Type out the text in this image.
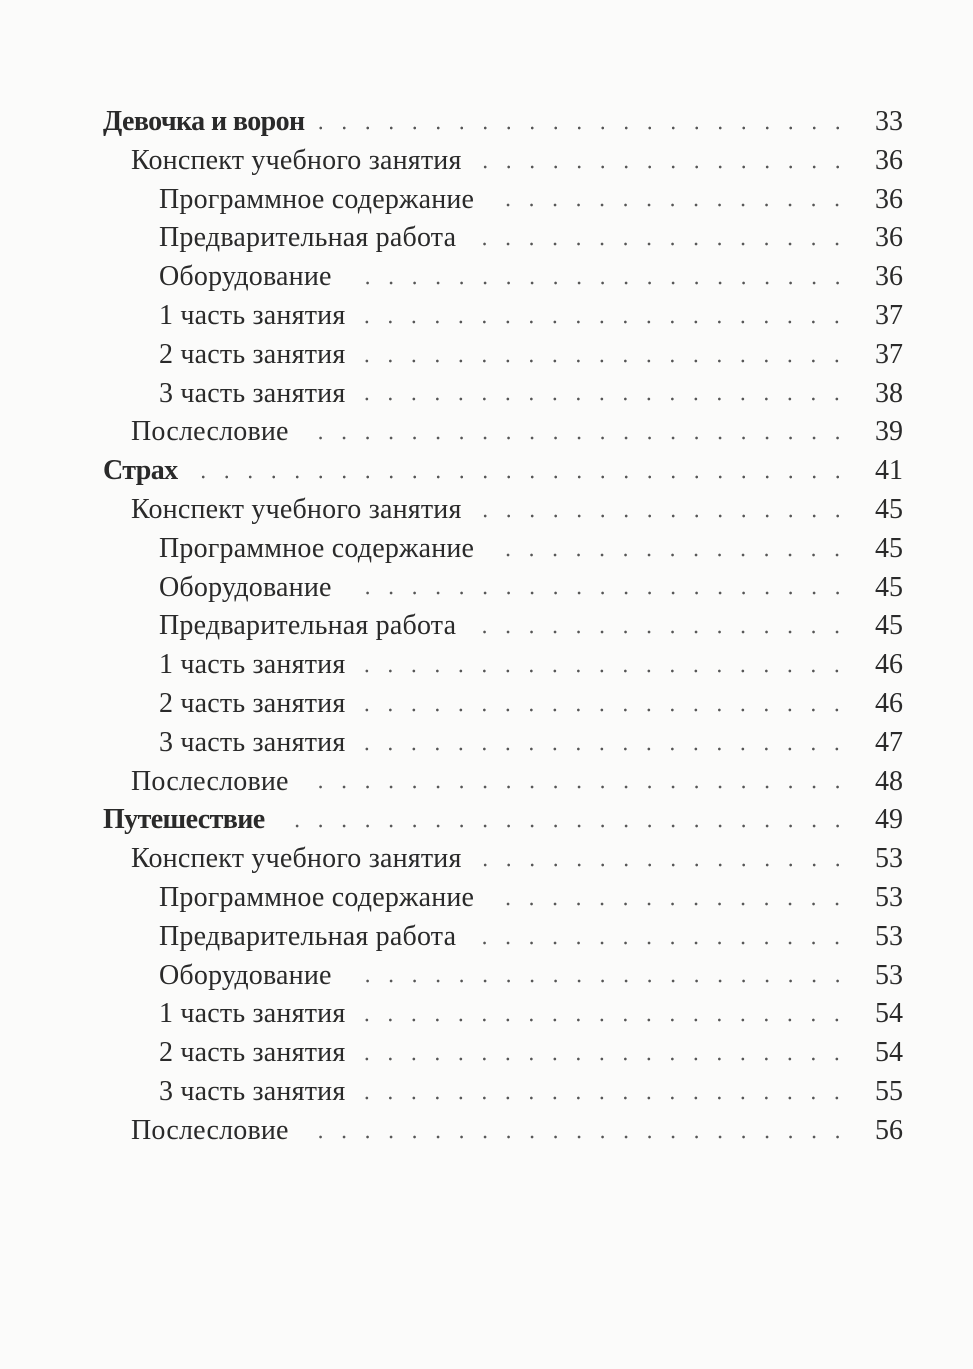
Девочка и ворон	33
Конспект учебного занятия	36
Программное содержание	36
Предварительная работа	36
Оборудование	36
1 часть занятия	37
2 часть занятия	37
3 часть занятия	38
Послесловие	39
Страх	41
Конспект учебного занятия	45
Программное содержание	45
Оборудование	45
Предварительная работа	45
1 часть занятия	46
2 часть занятия	46
3 часть занятия	47
Послесловие	48
Путешествие	49
Конспект учебного занятия	53
Программное содержание	53
Предварительная работа	53
Оборудование	53
1 часть занятия	54
2 часть занятия	54
3 часть занятия	55
Послесловие	56
